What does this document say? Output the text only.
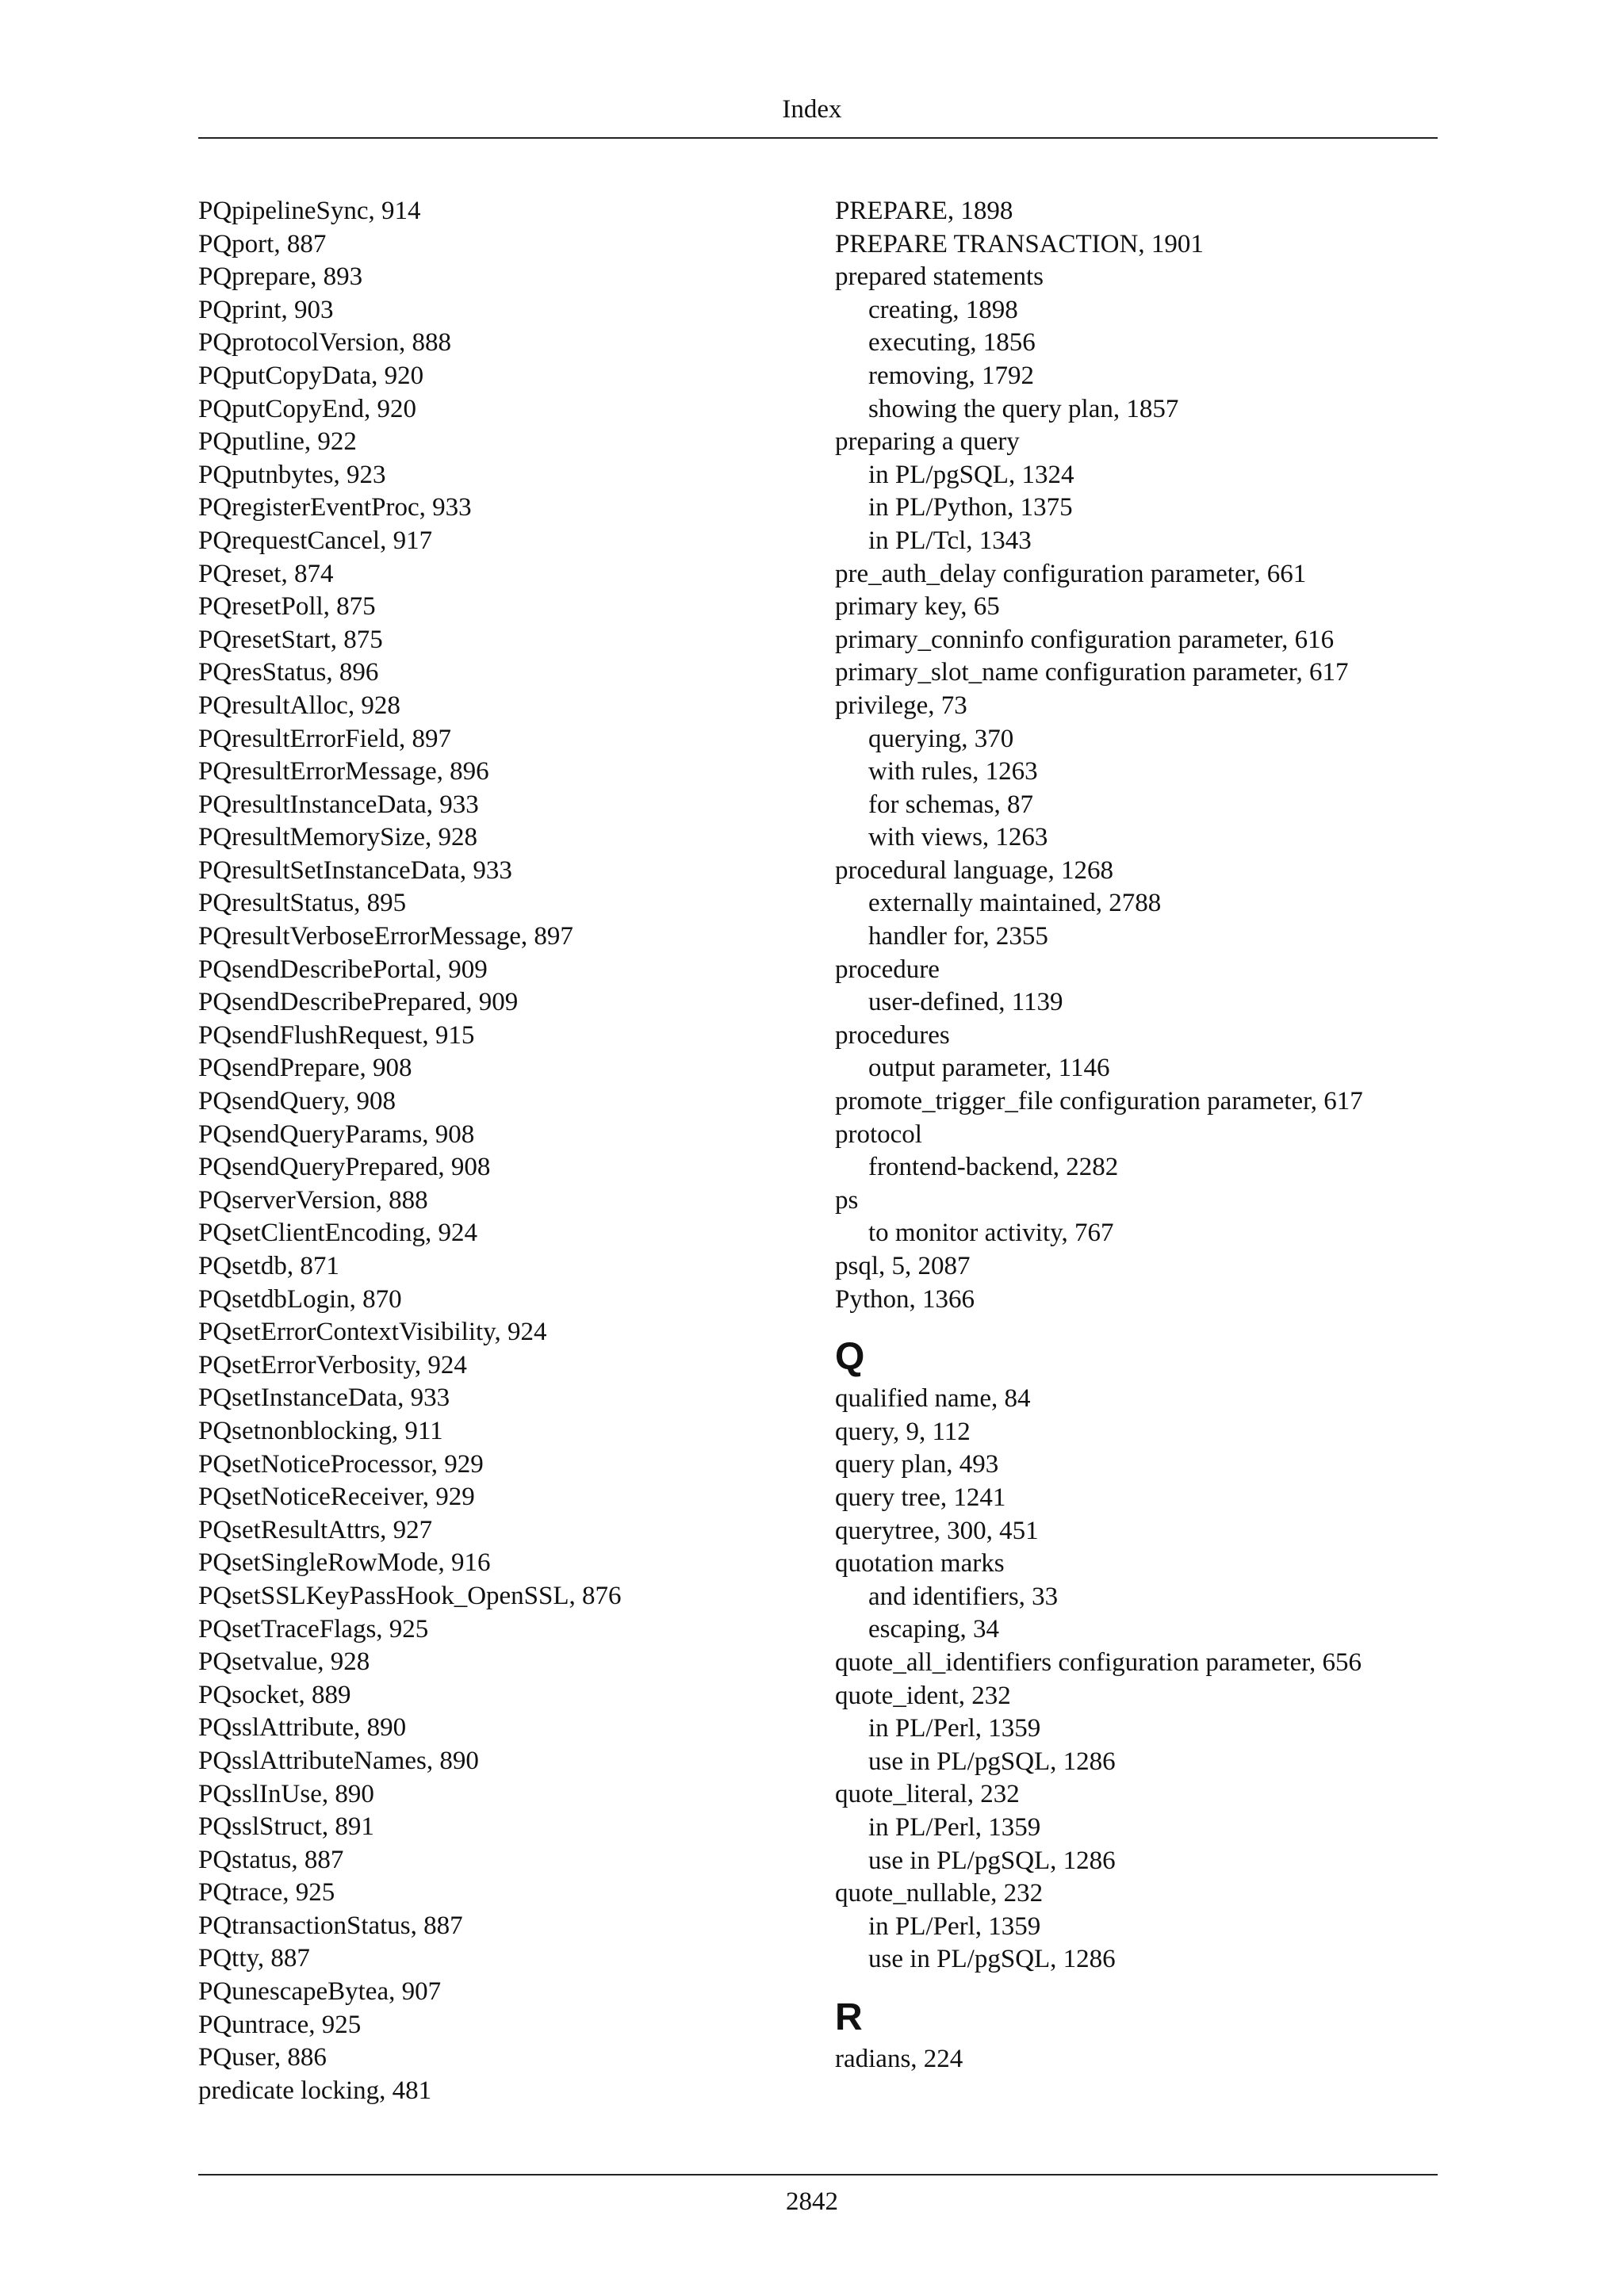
Index
PQpipelineSync, 914
PQport, 887
PQprepare, 893
PQprint, 903
PQprotocolVersion, 888
PQputCopyData, 920
PQputCopyEnd, 920
PQputline, 922
PQputnbytes, 923
PQregisterEventProc, 933
PQrequestCancel, 917
PQreset, 874
PQresetPoll, 875
PQresetStart, 875
PQresStatus, 896
PQresultAlloc, 928
PQresultErrorField, 897
PQresultErrorMessage, 896
PQresultInstanceData, 933
PQresultMemorySize, 928
PQresultSetInstanceData, 933
PQresultStatus, 895
PQresultVerboseErrorMessage, 897
PQsendDescribePortal, 909
PQsendDescribePrepared, 909
PQsendFlushRequest, 915
PQsendPrepare, 908
PQsendQuery, 908
PQsendQueryParams, 908
PQsendQueryPrepared, 908
PQserverVersion, 888
PQsetClientEncoding, 924
PQsetdb, 871
PQsetdbLogin, 870
PQsetErrorContextVisibility, 924
PQsetErrorVerbosity, 924
PQsetInstanceData, 933
PQsetnonblocking, 911
PQsetNoticeProcessor, 929
PQsetNoticeReceiver, 929
PQsetResultAttrs, 927
PQsetSingleRowMode, 916
PQsetSSLKeyPassHook_OpenSSL, 876
PQsetTraceFlags, 925
PQsetvalue, 928
PQsocket, 889
PQsslAttribute, 890
PQsslAttributeNames, 890
PQsslInUse, 890
PQsslStruct, 891
PQstatus, 887
PQtrace, 925
PQtransactionStatus, 887
PQtty, 887
PQunescapeBytea, 907
PQuntrace, 925
PQuser, 886
predicate locking, 481
PREPARE, 1898
PREPARE TRANSACTION, 1901
prepared statements
creating, 1898
executing, 1856
removing, 1792
showing the query plan, 1857
preparing a query
in PL/pgSQL, 1324
in PL/Python, 1375
in PL/Tcl, 1343
pre_auth_delay configuration parameter, 661
primary key, 65
primary_conninfo configuration parameter, 616
primary_slot_name configuration parameter, 617
privilege, 73
querying, 370
with rules, 1263
for schemas, 87
with views, 1263
procedural language, 1268
externally maintained, 2788
handler for, 2355
procedure
user-defined, 1139
procedures
output parameter, 1146
promote_trigger_file configuration parameter, 617
protocol
frontend-backend, 2282
ps
to monitor activity, 767
psql, 5, 2087
Python, 1366
Q
qualified name, 84
query, 9, 112
query plan, 493
query tree, 1241
querytree, 300, 451
quotation marks
and identifiers, 33
escaping, 34
quote_all_identifiers configuration parameter, 656
quote_ident, 232
in PL/Perl, 1359
use in PL/pgSQL, 1286
quote_literal, 232
in PL/Perl, 1359
use in PL/pgSQL, 1286
quote_nullable, 232
in PL/Perl, 1359
use in PL/pgSQL, 1286
R
radians, 224
2842
